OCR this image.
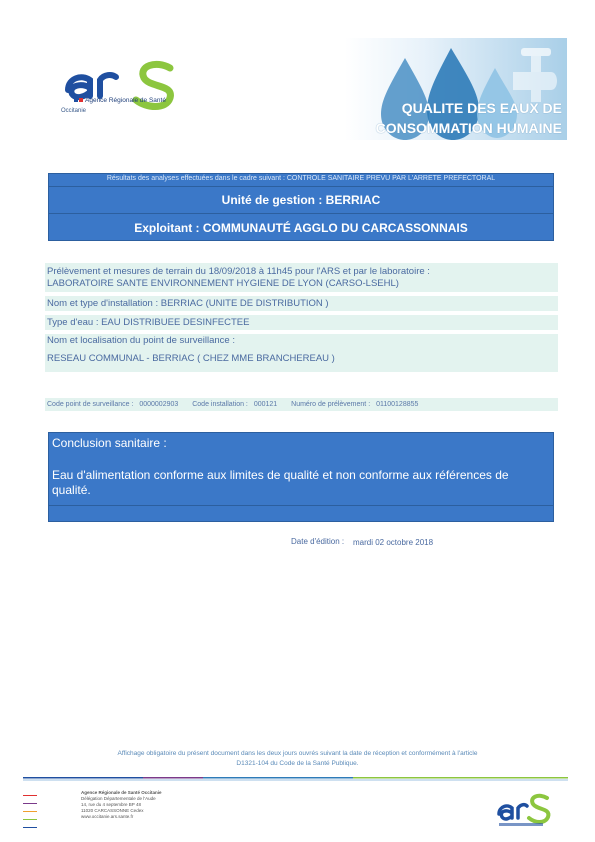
Agence Régionale de Santé
Occitanie	QUALITE DES EAUX DE
CONSOMMATION HUMAINE
Résultats des analyses effectuées dans le cadre suivant : CONTROLE SANITAIRE PREVU PAR L'ARRETE PREFECTORAL
Unité de gestion : BERRIAC
Exploitant : COMMUNAUTÉ AGGLO DU CARCASSONNAIS
Prélèvement et mesures de terrain du 18/09/2018 à 11h45 pour l'ARS et par le laboratoire :
LABORATOIRE SANTE ENVIRONNEMENT HYGIENE DE LYON (CARSO-LSEHL)
Nom et type d'installation : BERRIAC (UNITE DE DISTRIBUTION )
Type d'eau : EAU DISTRIBUEE DESINFECTEE
Nom et localisation du point de surveillance :
RESEAU COMMUNAL - BERRIAC ( CHEZ MME BRANCHEREAU )
Code point de surveillance : 0000002903 Code installation : 000121 Numéro de prélèvement : 01100128855
Conclusion sanitaire :
Eau d'alimentation conforme aux limites de qualité et non conforme aux références de qualité.
Date d'édition : mardi 02 octobre 2018
Affichage obligatoire du présent document dans les deux jours ouvrés suivant la date de réception et conformément à l'article
D1321-104 du Code de la Santé Publique.
Agence Régionale de Santé Occitanie
Délégation Départementale de l'Aude
14, rue du 4 septembre BP 48
11020 CARCASSONNE Cedex
www.occitanie.ars.sante.fr
